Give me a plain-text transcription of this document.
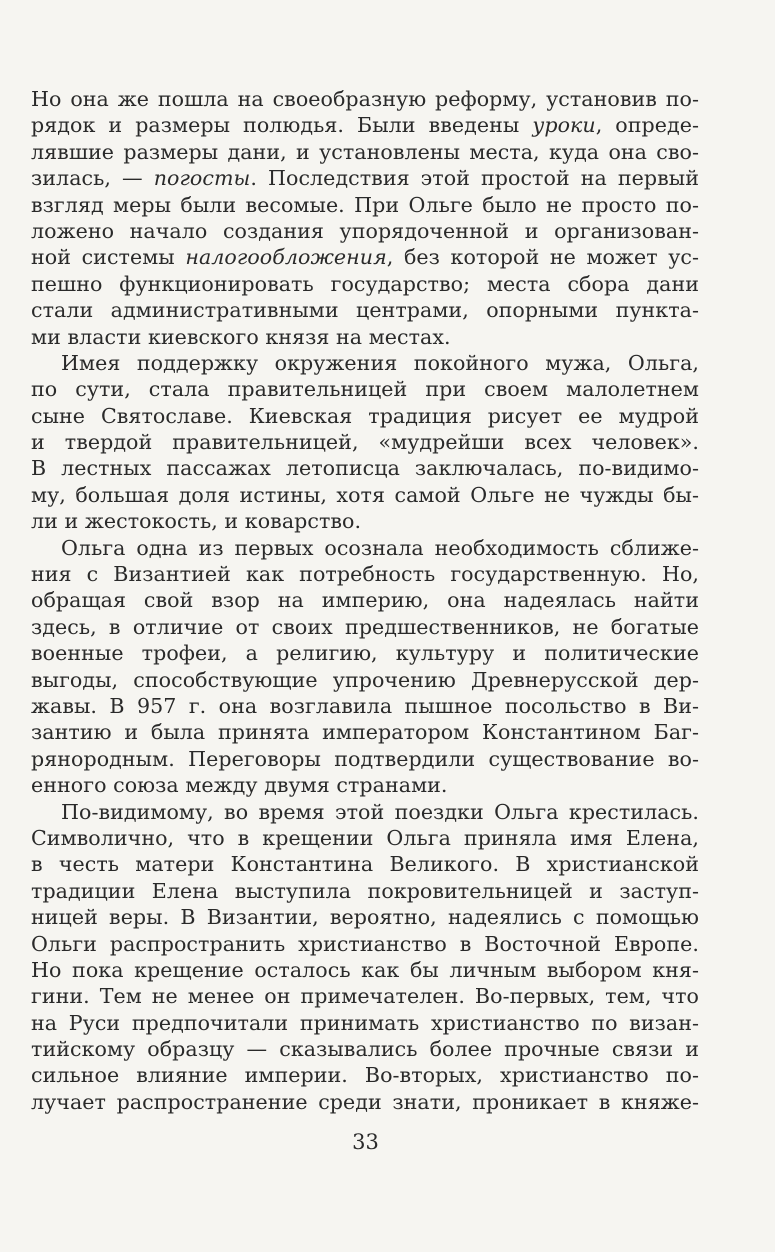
Но она же пошла на своеобразную реформу, установив по-
рядок и размеры полюдья. Были введены уроки, опреде-
лявшие размеры дани, и установлены места, куда она сво-
зилась, — погосты. Последствия этой простой на первый
взгляд меры были весомые. При Ольге было не просто по-
ложено начало создания упорядоченной и организован-
ной системы налогообложения, без которой не может ус-
пешно функционировать государство; места сбора дани
стали административными центрами, опорными пункта-
ми власти киевского князя на местах.
Имея поддержку окружения покойного мужа, Ольга,
по сути, стала правительницей при своем малолетнем
сыне Святославе. Киевская традиция рисует ее мудрой
и твердой правительницей, «мудрейши всех человек».
В лестных пассажах летописца заключалась, по-видимо-
му, большая доля истины, хотя самой Ольге не чужды бы-
ли и жестокость, и коварство.
Ольга одна из первых осознала необходимость сближе-
ния с Византией как потребность государственную. Но,
обращая свой взор на империю, она надеялась найти
здесь, в отличие от своих предшественников, не богатые
военные трофеи, а религию, культуру и политические
выгоды, способствующие упрочению Древнерусской дер-
жавы. В 957 г. она возглавила пышное посольство в Ви-
зантию и была принята императором Константином Баг-
рянородным. Переговоры подтвердили существование во-
енного союза между двумя странами.
По-видимому, во время этой поездки Ольга крестилась.
Символично, что в крещении Ольга приняла имя Елена,
в честь матери Константина Великого. В христианской
традиции Елена выступила покровительницей и заступ-
ницей веры. В Византии, вероятно, надеялись с помощью
Ольги распространить христианство в Восточной Европе.
Но пока крещение осталось как бы личным выбором кня-
гини. Тем не менее он примечателен. Во-первых, тем, что
на Руси предпочитали принимать христианство по визан-
тийскому образцу — сказывались более прочные связи и
сильное влияние империи. Во-вторых, христианство по-
лучает распространение среди знати, проникает в княже-
33
